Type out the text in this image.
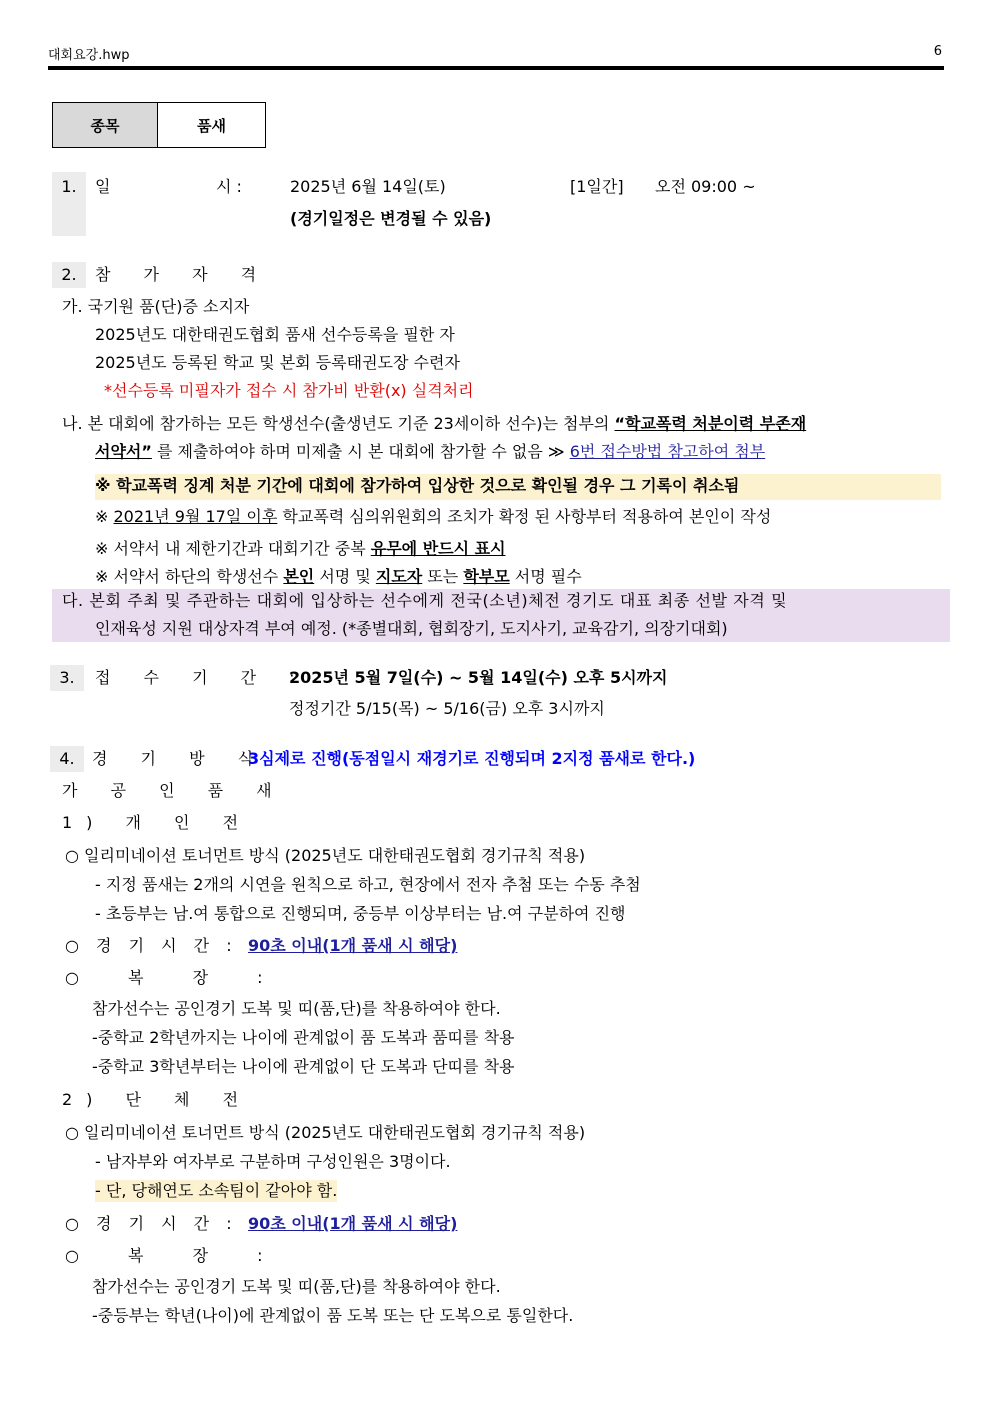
대회요강.hwp	6
종목	품새
1.	일	시 :	2025년 6월 14일(토)	[1일간] 오전 09:00 ~
(경기일정은 변경될 수 있음)
2.	참 가 자 격
가. 국기원 품(단)증 소지자
2025년도 대한태권도협회 품새 선수등록을 필한 자
2025년도 등록된 학교 및 본회 등록태권도장 수련자
*선수등록 미필자가 접수 시 참가비 반환(x) 실격처리
나. 본 대회에 참가하는 모든 학생선수(출생년도 기준 23세이하 선수)는 첨부의 “학교폭력 처분이력 부존재
서약서” 를 제출하여야 하며 미제출 시 본 대회에 참가할 수 없음 ≫ 6번 접수방법 참고하여 첨부
※ 학교폭력 징계 처분 기간에 대회에 참가하여 입상한 것으로 확인될 경우 그 기록이 취소됨
※ 2021년 9월 17일 이후 학교폭력 심의위원회의 조치가 확정 된 사항부터 적용하여 본인이 작성
※ 서약서 내 제한기간과 대회기간 중복 유무에 반드시 표시
※ 서약서 하단의 학생선수 본인 서명 및 지도자 또는 학부모 서명 필수
다. 본회 주최 및 주관하는 대회에 입상하는 선수에게 전국(소년)체전 경기도 대표 최종 선발 자격 및
인재육성 지원 대상자격 부여 예정. (*종별대회, 협회장기, 도지사기, 교육감기, 의장기대회)
3.	접 수 기 간 :
2025년 5월 7일(수) ~ 5월 14일(수) 오후 5시까지
정정기간 5/15(목) ~ 5/16(금) 오후 3시까지
4.	경 기 방 식
3심제로 진행(동점일시 재경기로 진행되며 2지정 품새로 한다.)
가 공 인 품 새
1) 개 인 전
○ 일리미네이션 토너먼트 방식 (2025년도 대한태권도협회 경기규칙 적용)
- 지정 품새는 2개의 시연을 원칙으로 하고, 현장에서 전자 추첨 또는 수동 추첨
- 초등부는 남.여 통합으로 진행되며, 중등부 이상부터는 남.여 구분하여 진행
○ 경 기 시 간 : 90초 이내(1개 품새 시 해당)
○ 복 장 :
참가선수는 공인경기 도복 및 띠(품,단)를 착용하여야 한다.
-중학교 2학년까지는 나이에 관계없이 품 도복과 품띠를 착용
-중학교 3학년부터는 나이에 관계없이 단 도복과 단띠를 착용
2) 단 체 전
○ 일리미네이션 토너먼트 방식 (2025년도 대한태권도협회 경기규칙 적용)
- 남자부와 여자부로 구분하며 구성인원은 3명이다.
- 단, 당해연도 소속팀이 같아야 함.
○ 경 기 시 간 : 90초 이내(1개 품새 시 해당)
○ 복 장 :
참가선수는 공인경기 도복 및 띠(품,단)를 착용하여야 한다.
-중등부는 학년(나이)에 관계없이 품 도복 또는 단 도복으로 통일한다.
